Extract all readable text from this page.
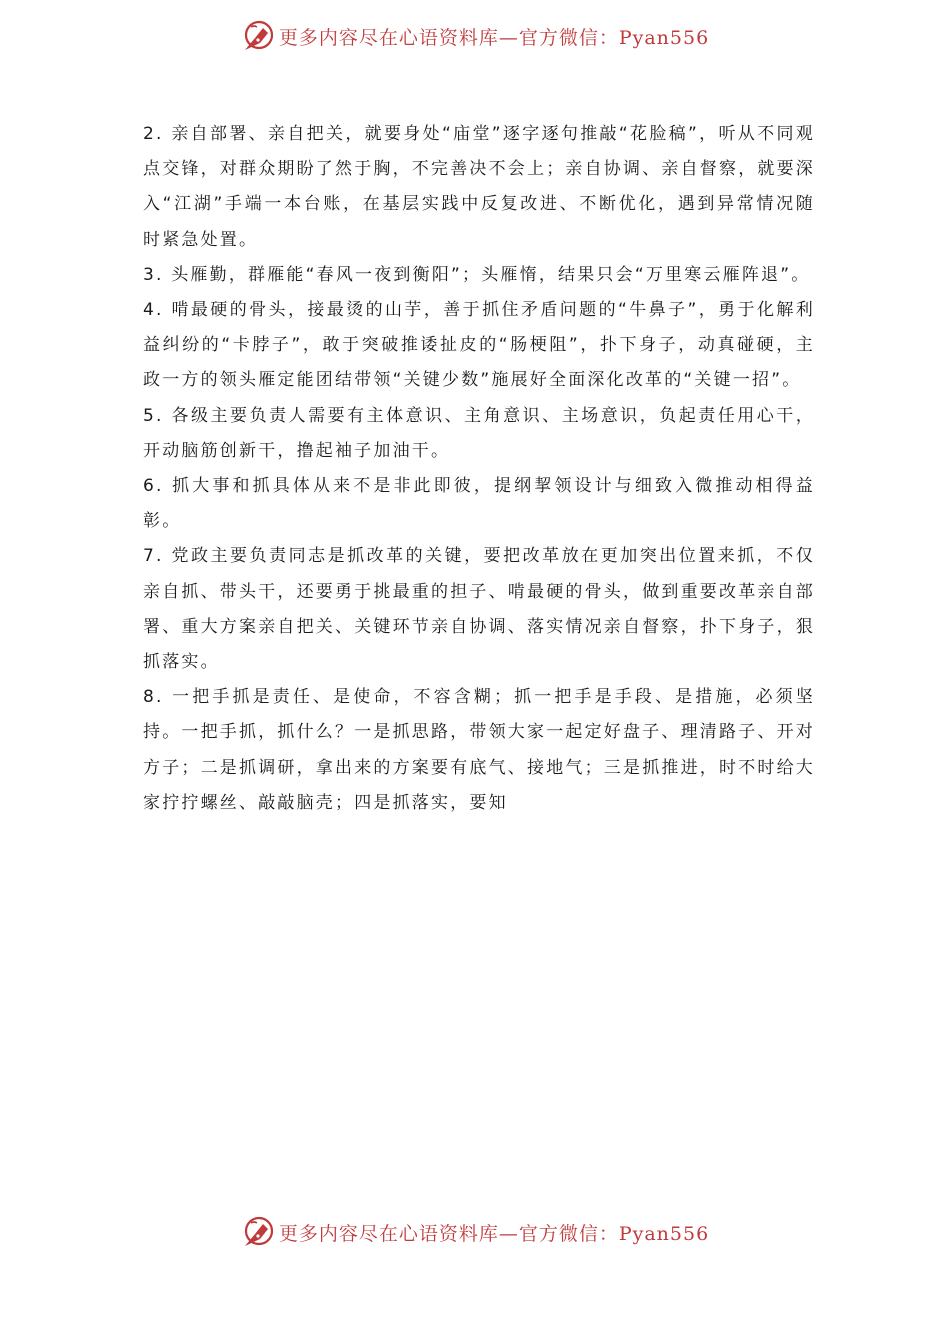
更多内容尽在心语资料库—官方微信：Pyan556

2. 亲自部署、亲自把关，就要身处“庙堂”逐字逐句推敲“花脸稿”，听从不同观点交锋，对群众期盼了然于胸，不完善决不会上；亲自协调、亲自督察，就要深入“江湖”手端一本台账，在基层实践中反复改进、不断优化，遇到异常情况随时紧急处置。

3. 头雁勤，群雁能“春风一夜到衡阳”；头雁惰，结果只会“万里寒云雁阵退”。

4. 啃最硬的骨头，接最烫的山芋，善于抓住矛盾问题的“牛鼻子”，勇于化解利益纠纷的“卡脖子”，敢于突破推诿扯皮的“肠梗阻”，扑下身子，动真碰硬，主政一方的领头雁定能团结带领“关键少数”施展好全面深化改革的“关键一招”。

5. 各级主要负责人需要有主体意识、主角意识、主场意识，负起责任用心干，开动脑筋创新干，撸起袖子加油干。

6. 抓大事和抓具体从来不是非此即彼，提纲挈领设计与细致入微推动相得益彰。

7. 党政主要负责同志是抓改革的关键，要把改革放在更加突出位置来抓，不仅亲自抓、带头干，还要勇于挑最重的担子、啃最硬的骨头，做到重要改革亲自部署、重大方案亲自把关、关键环节亲自协调、落实情况亲自督察，扑下身子，狠抓落实。

8. 一把手抓是责任、是使命，不容含糊；抓一把手是手段、是措施，必须坚持。一把手抓，抓什么？一是抓思路，带领大家一起定好盘子、理清路子、开对方子；二是抓调研，拿出来的方案要有底气、接地气；三是抓推进，时不时给大家拧拧螺丝、敲敲脑壳；四是抓落实，要知

更多内容尽在心语资料库—官方微信：Pyan556
